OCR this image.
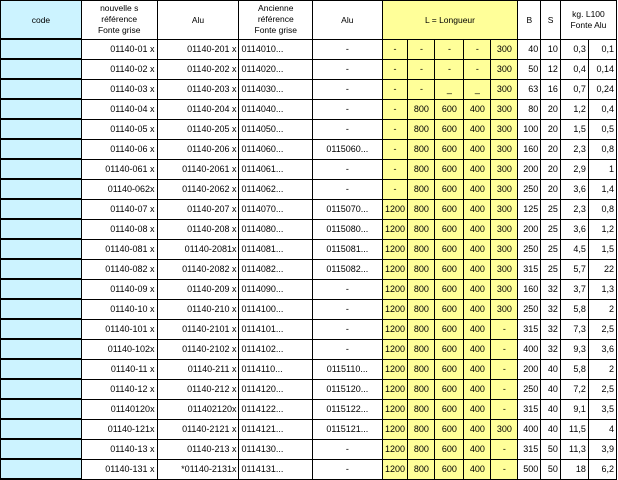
code	nouvelle s
référence
Fonte grise	Alu	Ancienne
référence
Fonte grise	Alu	L = Longueur					B	S	kg. L100
Fonte Alu	
	01140-01 x	01140-201 x	0114010...	-	-	-	-	-	300	40	10	0,3	0,1
	01140-02 x	01140-202 x	0114020...	-	-	-	-	-	300	50	12	0,4	0,14
	01140-03 x	01140-203 x	0114030...	-	-	-	_	_	300	63	16	0,7	0,24
	01140-04 x	01140-204 x	0114040...	-	-	800	600	400	300	80	20	1,2	0,4
	01140-05 x	01140-205 x	0114050...	-	-	800	600	400	300	100	20	1,5	0,5
	01140-06 x	01140-206 x	0114060...	0115060...	-	800	600	400	300	160	20	2,3	0,8
	01140-061 x	01140-2061 x	0114061...	-	-	800	600	400	300	200	20	2,9	1
	01140-062x	01140-2062 x	0114062...	-	-	800	600	400	300	250	20	3,6	1,4
	01140-07 x	01140-207 x	0114070...	0115070...	1200	800	600	400	300	125	25	2,3	0,8
	01140-08 x	01140-208 x	0114080...	0115080...	1200	800	600	400	300	200	25	3,6	1,2
	01140-081 x	01140-2081x	0114081...	0115081...	1200	800	600	400	300	250	25	4,5	1,5
	01140-082 x	01140-2082 x	0114082...	0115082...	1200	800	600	400	300	315	25	5,7	22
	01140-09 x	01140-209 x	0114090...	-	1200	800	600	400	300	160	32	3,7	1,3
	01140-10 x	01140-210 x	0114100...	-	1200	800	600	400	300	250	32	5,8	2
	01140-101 x	01140-2101 x	0114101...	-	1200	800	600	400	-	315	32	7,3	2,5
	01140-102x	01140-2102 x	0114102...	-	1200	800	600	400	-	400	32	9,3	3,6
	01140-11 x	01140-211 x	0114110...	0115110...	1200	800	600	400	-	200	40	5,8	2
	01140-12 x	01140-212 x	0114120...	0115120...	1200	800	600	400	-	250	40	7,2	2,5
	01140120x	011402120x	0114122...	0115122...	1200	800	600	400	-	315	40	9,1	3,5
	01140-121x	01140-2121 x	0114121...	0115121...	1200	800	600	400	300	400	40	11,5	4
	01140-13 x	01140-213 x	0114130...	-	1200	800	600	400	-	315	50	11,3	3,9
	01140-131 x	*01140-2131x	0114131...	-	1200	800	600	400	-	500	50	18	6,2
